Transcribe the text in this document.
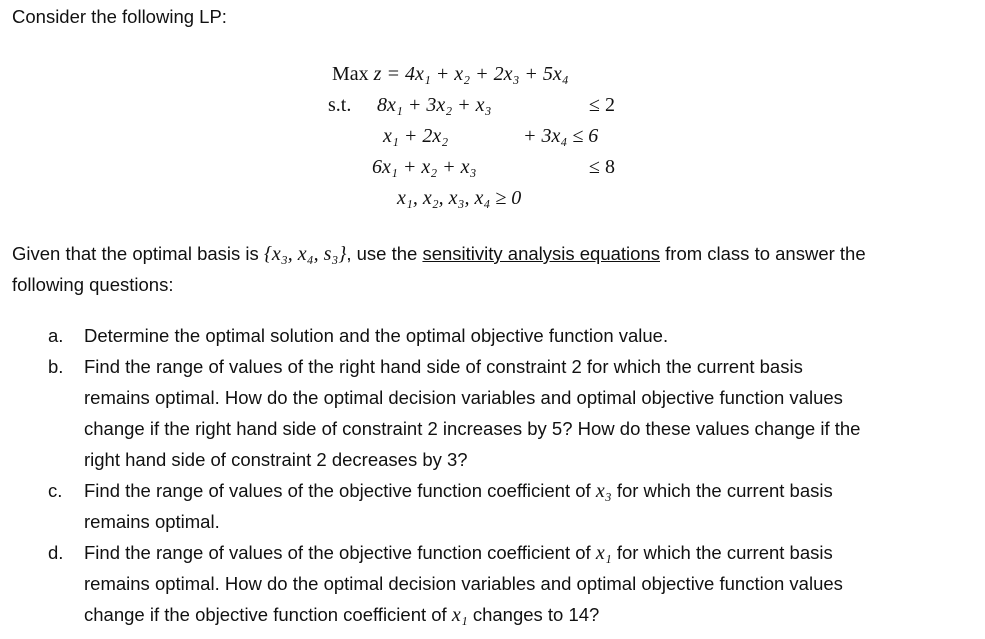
Consider the following LP:
Max z = 4x₁ + x₂ + 2x₃ + 5x₄
s.t. 8x₁ + 3x₂ + x₃	≤ 2
x₁ + 2x₂	+ 3x₄ ≤ 6
6x₁ + x₂ + x₃	≤ 8
x₁, x₂, x₃, x₄ ≥ 0
Given that the optimal basis is {x₃, x₄, s₃}, use the sensitivity analysis equations from class to answer the
following questions:
a. Determine the optimal solution and the optimal objective function value.
b. Find the range of values of the right hand side of constraint 2 for which the current basis
remains optimal. How do the optimal decision variables and optimal objective function values
change if the right hand side of constraint 2 increases by 5? How do these values change if the
right hand side of constraint 2 decreases by 3?
c. Find the range of values of the objective function coefficient of x₃ for which the current basis
remains optimal.
d. Find the range of values of the objective function coefficient of x₁ for which the current basis
remains optimal. How do the optimal decision variables and optimal objective function values
change if the objective function coefficient of x₁ changes to 14?
